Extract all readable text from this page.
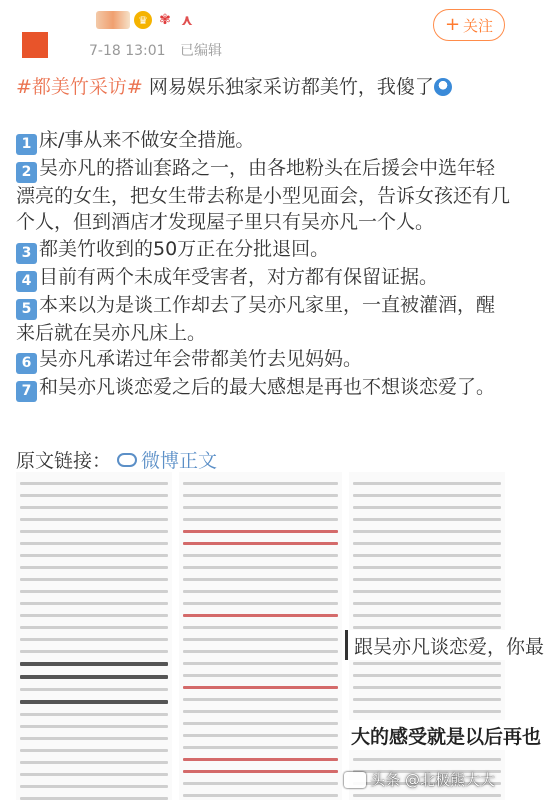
♛ ✾ ⋏
7-18 13:01 已编辑
+ 关注

#都美竹采访# 网易娱乐独家采访都美竹，我傻了

1 床/事从来不做安全措施。

2 吴亦凡的搭讪套路之一，由各地粉头在后援会中选年轻漂亮的女生，把女生带去称是小型见面会，告诉女孩还有几个人，但到酒店才发现屋子里只有吴亦凡一个人。

3 都美竹收到的50万正在分批退回。

4 目前有两个未成年受害者，对方都有保留证据。

5 本来以为是谈工作却去了吴亦凡家里，一直被灌酒，醒来后就在吴亦凡床上。

6 吴亦凡承诺过年会带都美竹去见妈妈。

7 和吴亦凡谈恋爱之后的最大感想是再也不想谈恋爱了。

原文链接： 微博正文
跟吴亦凡谈恋爱，你最
大的感受就是以后再也
头条 @北极熊大大
